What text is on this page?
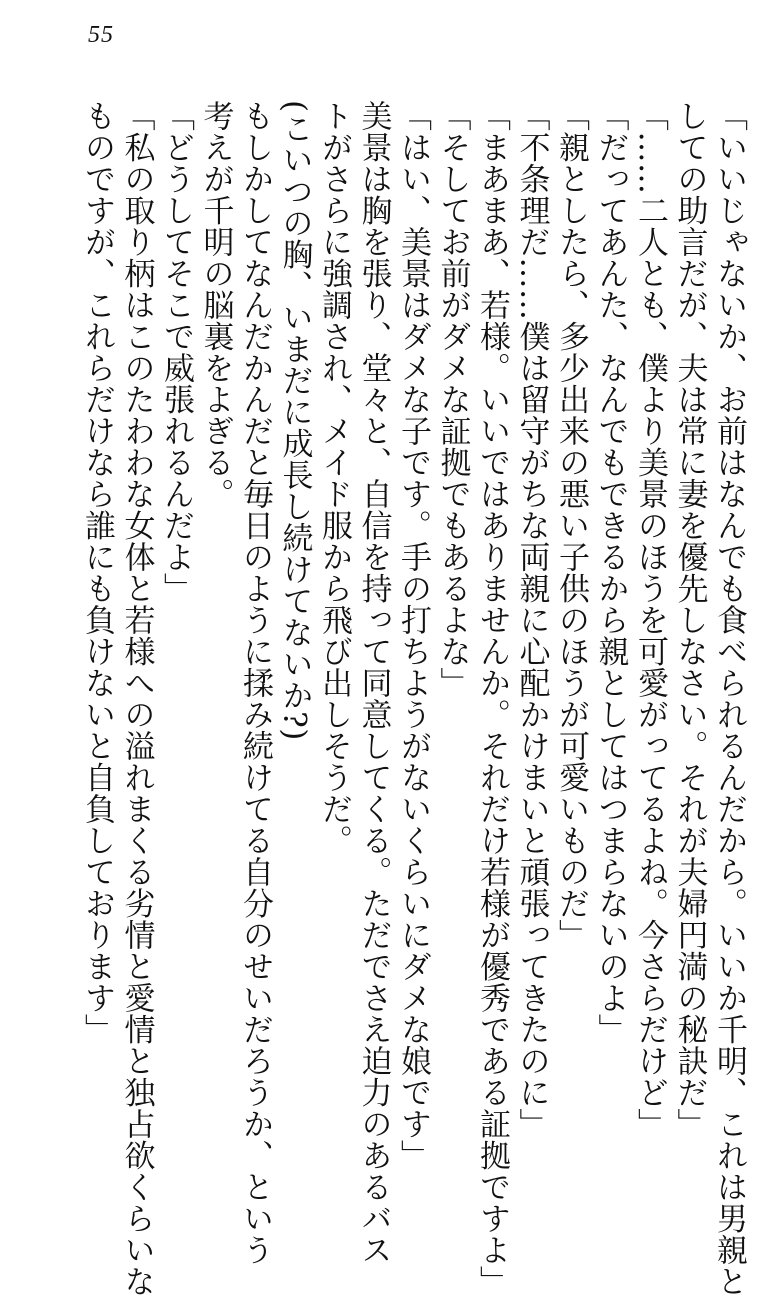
55
「いいじゃないか、お前はなんでも食べられるんだから。いいか千明、これは男親と
しての助言だが、夫は常に妻を優先しなさい。それが夫婦円満の秘訣だ」
「……二人とも、僕より美景のほうを可愛がってるよね。今さらだけど」
「だってあんた、なんでもできるから親としてはつまらないのよ」
「親としたら、多少出来の悪い子供のほうが可愛いものだ」
「不条理だ……僕は留守がちな両親に心配かけまいと頑張ってきたのに」
「まあまあ、若様。いいではありませんか。それだけ若様が優秀である証拠ですよ」
「そしてお前がダメな証拠でもあるよな」
「はい、美景はダメな子です。手の打ちようがないくらいにダメな娘です」
美景は胸を張り、堂々と、自信を持って同意してくる。ただでさえ迫力のあるバス
トがさらに強調され、メイド服から飛び出しそうだ。
(こいつの胸、いまだに成長し続けてないか?)
もしかしてなんだかんだと毎日のように揉み続けてる自分のせいだろうか、という
考えが千明の脳裏をよぎる。
「どうしてそこで威張れるんだよ」
「私の取り柄はこのたわわな女体と若様への溢れまくる劣情と愛情と独占欲くらいな
ものですが、これらだけなら誰にも負けないと自負しております」
